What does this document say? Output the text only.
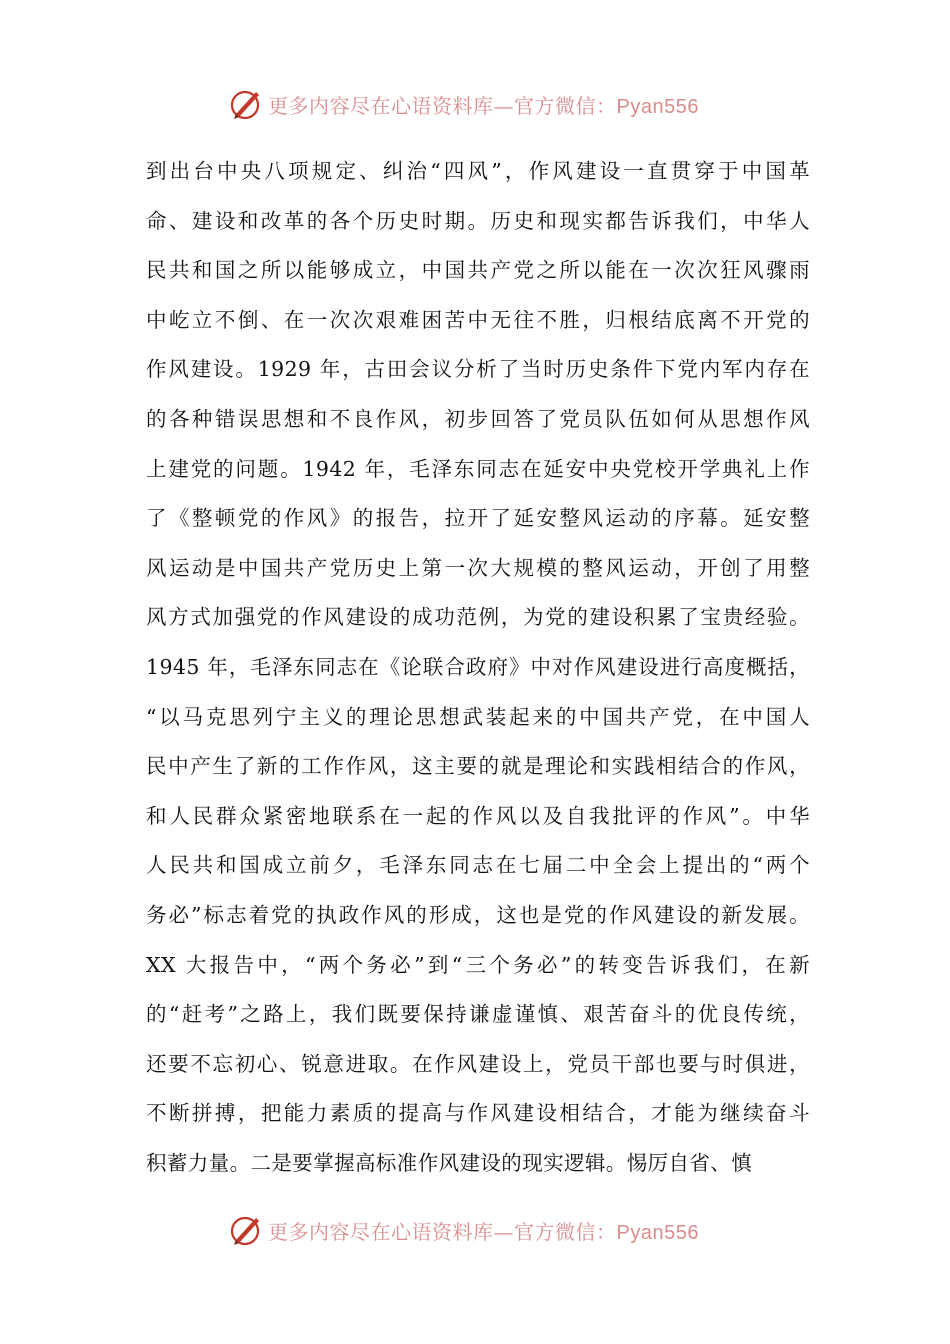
更多内容尽在心语资料库—官方微信：Pyan556
到出台中央八项规定、纠治“四风”，作风建设一直贯穿于中国革
命、建设和改革的各个历史时期。历史和现实都告诉我们，中华人
民共和国之所以能够成立，中国共产党之所以能在一次次狂风骤雨
中屹立不倒、在一次次艰难困苦中无往不胜，归根结底离不开党的
作风建设。1929 年，古田会议分析了当时历史条件下党内军内存在
的各种错误思想和不良作风，初步回答了党员队伍如何从思想作风
上建党的问题。1942 年，毛泽东同志在延安中央党校开学典礼上作
了《整顿党的作风》的报告，拉开了延安整风运动的序幕。延安整
风运动是中国共产党历史上第一次大规模的整风运动，开创了用整
风方式加强党的作风建设的成功范例，为党的建设积累了宝贵经验。
1945 年，毛泽东同志在《论联合政府》中对作风建设进行高度概括，
“以马克思列宁主义的理论思想武装起来的中国共产党，在中国人
民中产生了新的工作作风，这主要的就是理论和实践相结合的作风，
和人民群众紧密地联系在一起的作风以及自我批评的作风”。中华
人民共和国成立前夕，毛泽东同志在七届二中全会上提出的“两个
务必”标志着党的执政作风的形成，这也是党的作风建设的新发展。
XX 大报告中，“两个务必”到“三个务必”的转变告诉我们，在新
的“赶考”之路上，我们既要保持谦虚谨慎、艰苦奋斗的优良传统，
还要不忘初心、锐意进取。在作风建设上，党员干部也要与时俱进，
不断拼搏，把能力素质的提高与作风建设相结合，才能为继续奋斗
积蓄力量。二是要掌握高标准作风建设的现实逻辑。惕厉自省、慎
更多内容尽在心语资料库—官方微信：Pyan556
